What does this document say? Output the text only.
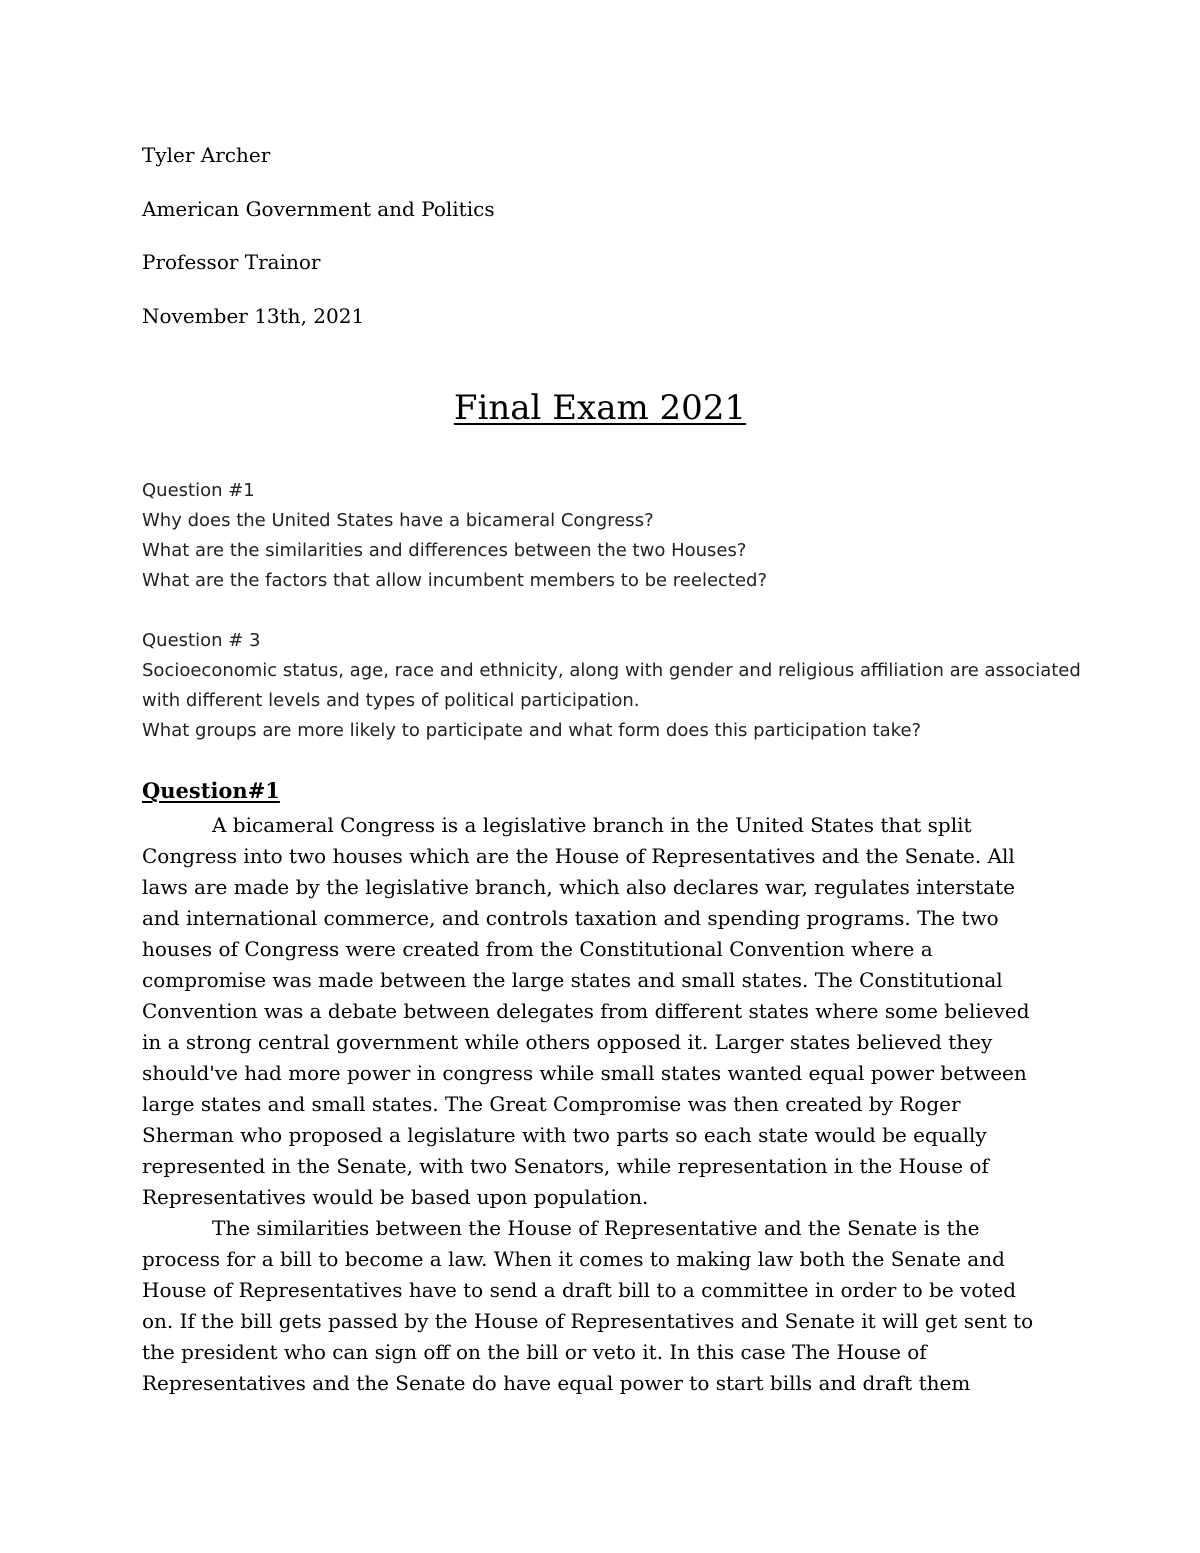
Tyler Archer
American Government and Politics
Professor Trainor
November 13th, 2021
Final Exam 2021
Question #1
Why does the United States have a bicameral Congress?
What are the similarities and differences between the two Houses?
What are the factors that allow incumbent members to be reelected?
Question # 3
Socioeconomic status, age, race and ethnicity, along with gender and religious affiliation are associated with different levels and types of political participation.
What groups are more likely to participate and what form does this participation take?
Question#1

A bicameral Congress is a legislative branch in the United States that split Congress into two houses which are the House of Representatives and the Senate. All laws are made by the legislative branch, which also declares war, regulates interstate and international commerce, and controls taxation and spending programs. The two houses of Congress were created from the Constitutional Convention where a compromise was made between the large states and small states. The Constitutional Convention was a debate between delegates from different states where some believed in a strong central government while others opposed it. Larger states believed they should've had more power in congress while small states wanted equal power between large states and small states. The Great Compromise was then created by Roger Sherman who proposed a legislature with two parts so each state would be equally represented in the Senate, with two Senators, while representation in the House of Representatives would be based upon population.

The similarities between the House of Representative and the Senate is the process for a bill to become a law. When it comes to making law both the Senate and House of Representatives have to send a draft bill to a committee in order to be voted on. If the bill gets passed by the House of Representatives and Senate it will get sent to the president who can sign off on the bill or veto it. In this case The House of Representatives and the Senate do have equal power to start bills and draft them
